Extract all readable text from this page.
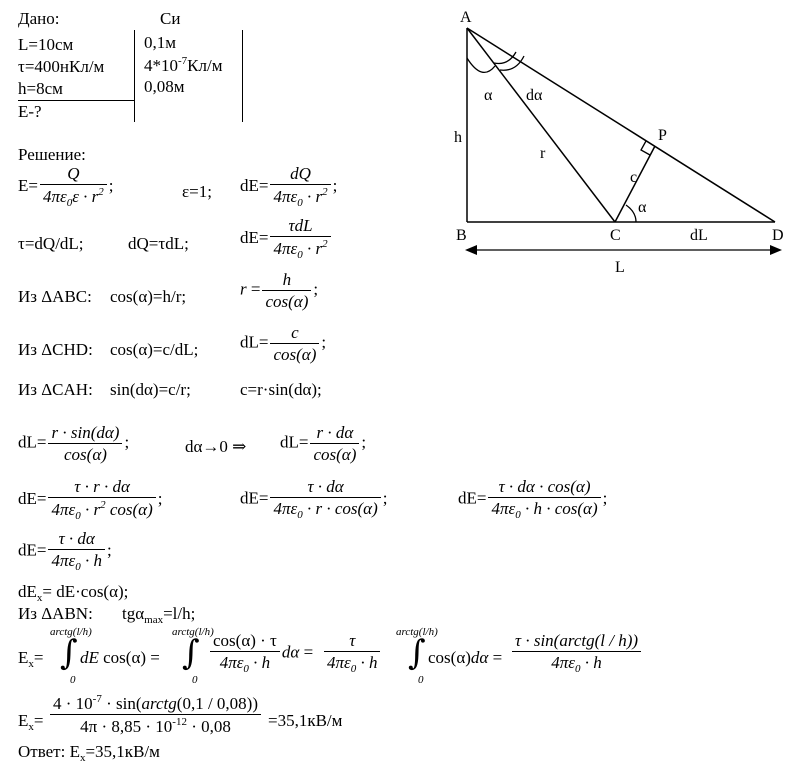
Дано:	Си
L=10см	0,1м
τ=400нКл/м $4*10^{-7}Кл/м$
h=8см	0,08м
E-?
Решение:
$E= \frac{Q}{4\pi\varepsilon_0\varepsilon \cdot r^2}$ ;	ε=1; $dE= \frac{dQ}{4\pi\varepsilon_0 \cdot r^2}$ ;
τ=dQ/dL;	dQ=τdL;	$dE= \frac{\text{τdL}}{4\pi\varepsilon_0 \cdot r^2}$
Из ΔABC: cos(α)=h/r;	$r = \frac{h}{\cos(\alpha)}$ ;
Из ΔCHD: cos(α)=c/dL; $dL= \frac{c}{\cos(\alpha)}$ ;
Из ΔCAH: sin(dα)=c/r;	c=r·sin(dα);
$dL= \frac{r \cdot \sin(d\alpha)}{\cos(\alpha)}$ ;	dα→0 ⇒ $dL= \frac{r \cdot d\alpha}{\cos(\alpha)}$ ;
$dE= \frac{\tau \cdot r \cdot d\alpha}{4\pi\varepsilon_0 \cdot r^2 \cos(\alpha)}$ ;	$dE= \frac{\tau \cdot d\alpha}{4\pi\varepsilon_0 \cdot r \cdot \cos(\alpha)}$ ;	$dE= \frac{\tau \cdot d\alpha \cdot \cos(\alpha)}{4\pi\varepsilon_0 \cdot h \cdot \cos(\alpha)}$ ;
$dE= \frac{\tau \cdot d\alpha}{4\pi\varepsilon_0 \cdot h}$ ;
$dE_x= dE\cdot\cos(\alpha)$;
Из ΔABN: tgα$_{max}$=l/h;
$E_x=$
arctg(l/h)
∫
0
dE cos(α) =
arctg(l/h)
∫
0
$\frac{\cos(\alpha) \cdot \tau}{4\pi\varepsilon_0 \cdot h}$ $d\alpha = \frac{\tau}{4\pi\varepsilon_0 \cdot h}$ arctg(l/h)
∫
0
$\cos(\alpha)d\alpha = \frac{\text{τ · sin(arctg(l / h))}}{4\pi\varepsilon_0 \cdot h}$
$E_x= \frac{4 \cdot 10^{-7} \cdot \sin(arctg(0,1 / 0,08))}{4\pi \cdot 8,85 \cdot 10^{-12} \cdot 0,08} =35,1кВ/м$
Ответ: $E_x=35,1кВ/м$
A
B	C	D
P
h
r
c
α dα
α
dL
L
